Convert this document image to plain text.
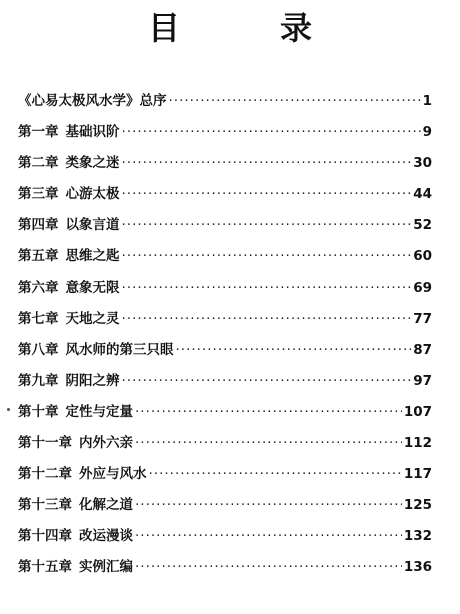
目　录
《心易太极风水学》总序 ·····	1
第一章 基础识阶 ·····	9
第二章 类象之迷 ·····	30
第三章 心游太极 ·····	44
第四章 以象言道 ·····	52
第五章 思维之匙 ·····	60
第六章 意象无限 ·····	69
第七章 天地之灵 ·····	77
第八章 风水师的第三只眼 ·····	87
第九章 阴阳之辨 ·····	97
第十章 定性与定量 ·····	107
第十一章 内外六亲 ·····	112
第十二章 外应与风水 ·····	117
第十三章 化解之道 ·····	125
第十四章 改运漫谈 ·····	132
第十五章 实例汇编 ·····	136
